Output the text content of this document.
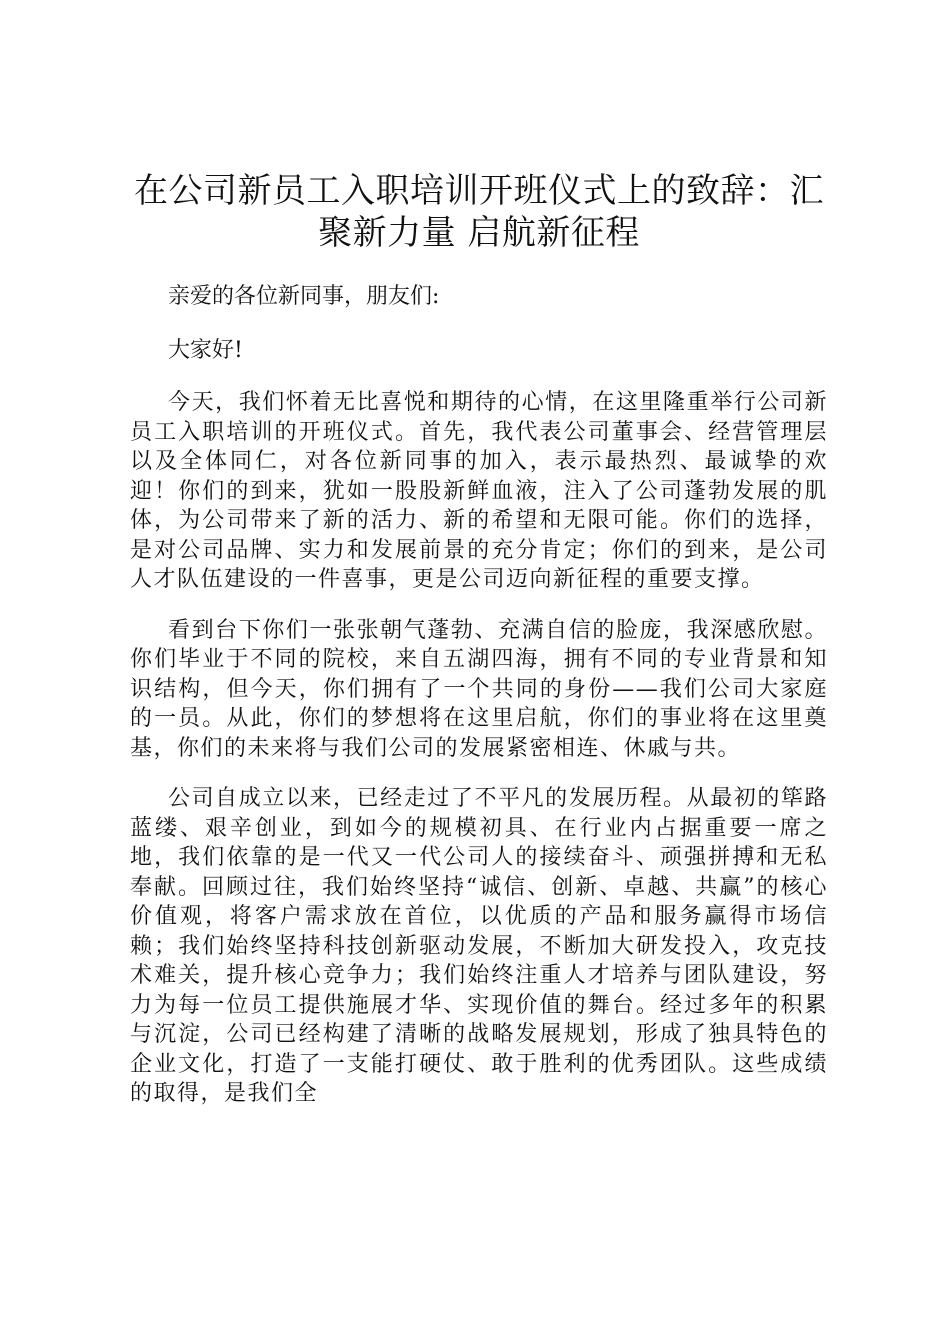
在公司新员工入职培训开班仪式上的致辞：汇聚新力量 启航新征程

亲爱的各位新同事，朋友们:

大家好!

今天，我们怀着无比喜悦和期待的心情，在这里隆重举行公司新员工入职培训的开班仪式。首先，我代表公司董事会、经营管理层以及全体同仁，对各位新同事的加入，表示最热烈、最诚挚的欢迎！你们的到来，犹如一股股新鲜血液，注入了公司蓬勃发展的肌体，为公司带来了新的活力、新的希望和无限可能。你们的选择，是对公司品牌、实力和发展前景的充分肯定；你们的到来，是公司人才队伍建设的一件喜事，更是公司迈向新征程的重要支撑。

看到台下你们一张张朝气蓬勃、充满自信的脸庞，我深感欣慰。你们毕业于不同的院校，来自五湖四海，拥有不同的专业背景和知识结构，但今天，你们拥有了一个共同的身份——我们公司大家庭的一员。从此，你们的梦想将在这里启航，你们的事业将在这里奠基，你们的未来将与我们公司的发展紧密相连、休戚与共。

公司自成立以来，已经走过了不平凡的发展历程。从最初的筚路蓝缕、艰辛创业，到如今的规模初具、在行业内占据重要一席之地，我们依靠的是一代又一代公司人的接续奋斗、顽强拼搏和无私奉献。回顾过往，我们始终坚持“诚信、创新、卓越、共赢”的核心价值观，将客户需求放在首位，以优质的产品和服务赢得市场信赖；我们始终坚持科技创新驱动发展，不断加大研发投入，攻克技术难关，提升核心竞争力；我们始终注重人才培养与团队建设，努力为每一位员工提供施展才华、实现价值的舞台。经过多年的积累与沉淀，公司已经构建了清晰的战略发展规划，形成了独具特色的企业文化，打造了一支能打硬仗、敢于胜利的优秀团队。这些成绩的取得，是我们全
